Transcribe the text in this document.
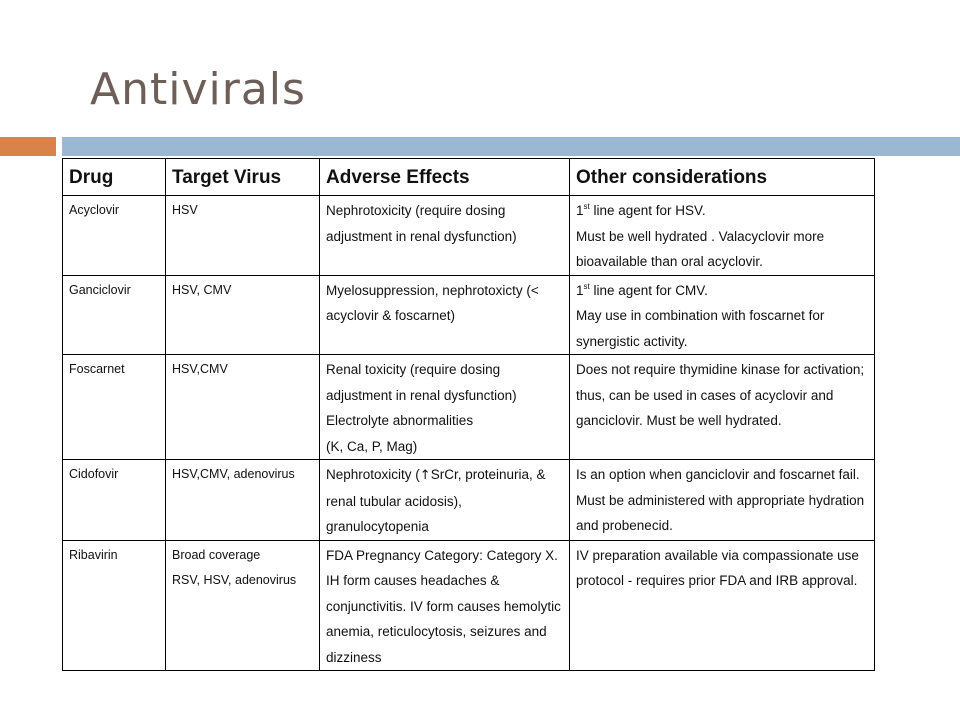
Antivirals
Drug	Target Virus	Adverse Effects	Other considerations
Acyclovir	HSV	Nephrotoxicity (require dosing adjustment in renal dysfunction)	1st line agent for HSV.
Must be well hydrated . Valacyclovir more bioavailable than oral acyclovir.

Ganciclovir	HSV, CMV	Myelosuppression, nephrotoxicty (< acyclovir & foscarnet)	1st line agent for CMV.
May use in combination with foscarnet for synergistic activity.

Foscarnet	HSV,CMV	Renal toxicity (require dosing adjustment in renal dysfunction)
Electrolyte abnormalities
(K, Ca, P, Mag)	Does not require thymidine kinase for activation; thus, can be used in cases of acyclovir and ganciclovir. Must be well hydrated.

Cidofovir	HSV,CMV, adenovirus	Nephrotoxicity (↑SrCr, proteinuria, & renal tubular acidosis), granulocytopenia	Is an option when ganciclovir and foscarnet fail.
Must be administered with appropriate hydration and probenecid.

Ribavirin	Broad coverage
RSV, HSV, adenovirus	FDA Pregnancy Category: Category X. IH form causes headaches & conjunctivitis. IV form causes hemolytic anemia, reticulocytosis, seizures and dizziness	IV preparation available via compassionate use protocol - requires prior FDA and IRB approval.
